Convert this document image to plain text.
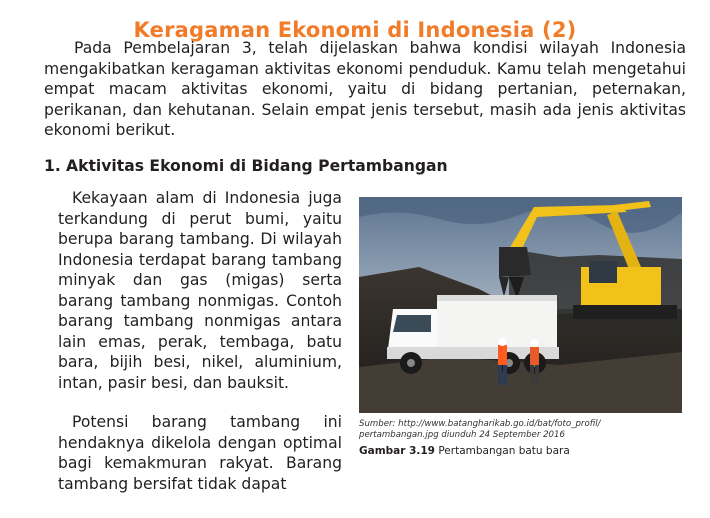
Keragaman Ekonomi di Indonesia (2)

Pada Pembelajaran 3, telah dijelaskan bahwa kondisi wilayah Indonesia mengakibatkan keragaman aktivitas ekonomi penduduk. Kamu telah mengetahui empat macam aktivitas ekonomi, yaitu di bidang pertanian, peternakan, perikanan, dan kehutanan. Selain empat jenis tersebut, masih ada jenis aktivitas ekonomi berikut.

1. Aktivitas Ekonomi di Bidang Pertambangan

Kekayaan alam di Indonesia juga terkandung di perut bumi, yaitu berupa barang tambang. Di wilayah Indonesia terdapat barang tambang minyak dan gas (migas) serta barang tambang nonmigas. Contoh barang tambang nonmigas antara lain emas, perak, tembaga, batu bara, bijih besi, nikel, aluminium, intan, pasir besi, dan bauksit.

Potensi barang tambang ini hendaknya dikelola dengan optimal bagi kemakmuran rakyat. Barang tambang bersifat tidak dapat

Sumber: http://www.batangharikab.go.id/bat/foto_profil/
pertambangan.jpg diunduh 24 September 2016

Gambar 3.19 Pertambangan batu bara
